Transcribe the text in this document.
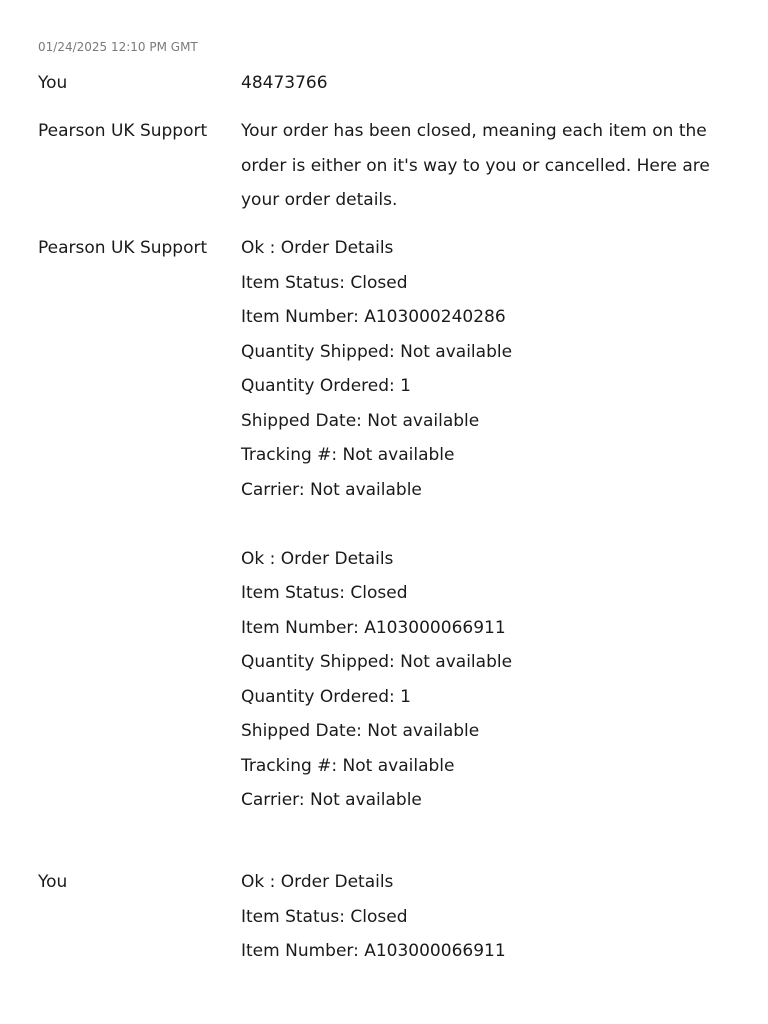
01/24/2025 12:10 PM GMT
You	48473766
Pearson UK Support	Your order has been closed, meaning each item on the order is either on it's way to you or cancelled. Here are your order details.
Pearson UK Support	Ok : Order Details
Item Status: Closed
Item Number: A103000240286
Quantity Shipped: Not available
Quantity Ordered: 1
Shipped Date: Not available
Tracking #: Not available
Carrier: Not available
Ok : Order Details
Item Status: Closed
Item Number: A103000066911
Quantity Shipped: Not available
Quantity Ordered: 1
Shipped Date: Not available
Tracking #: Not available
Carrier: Not available
You	Ok : Order Details
Item Status: Closed
Item Number: A103000066911
